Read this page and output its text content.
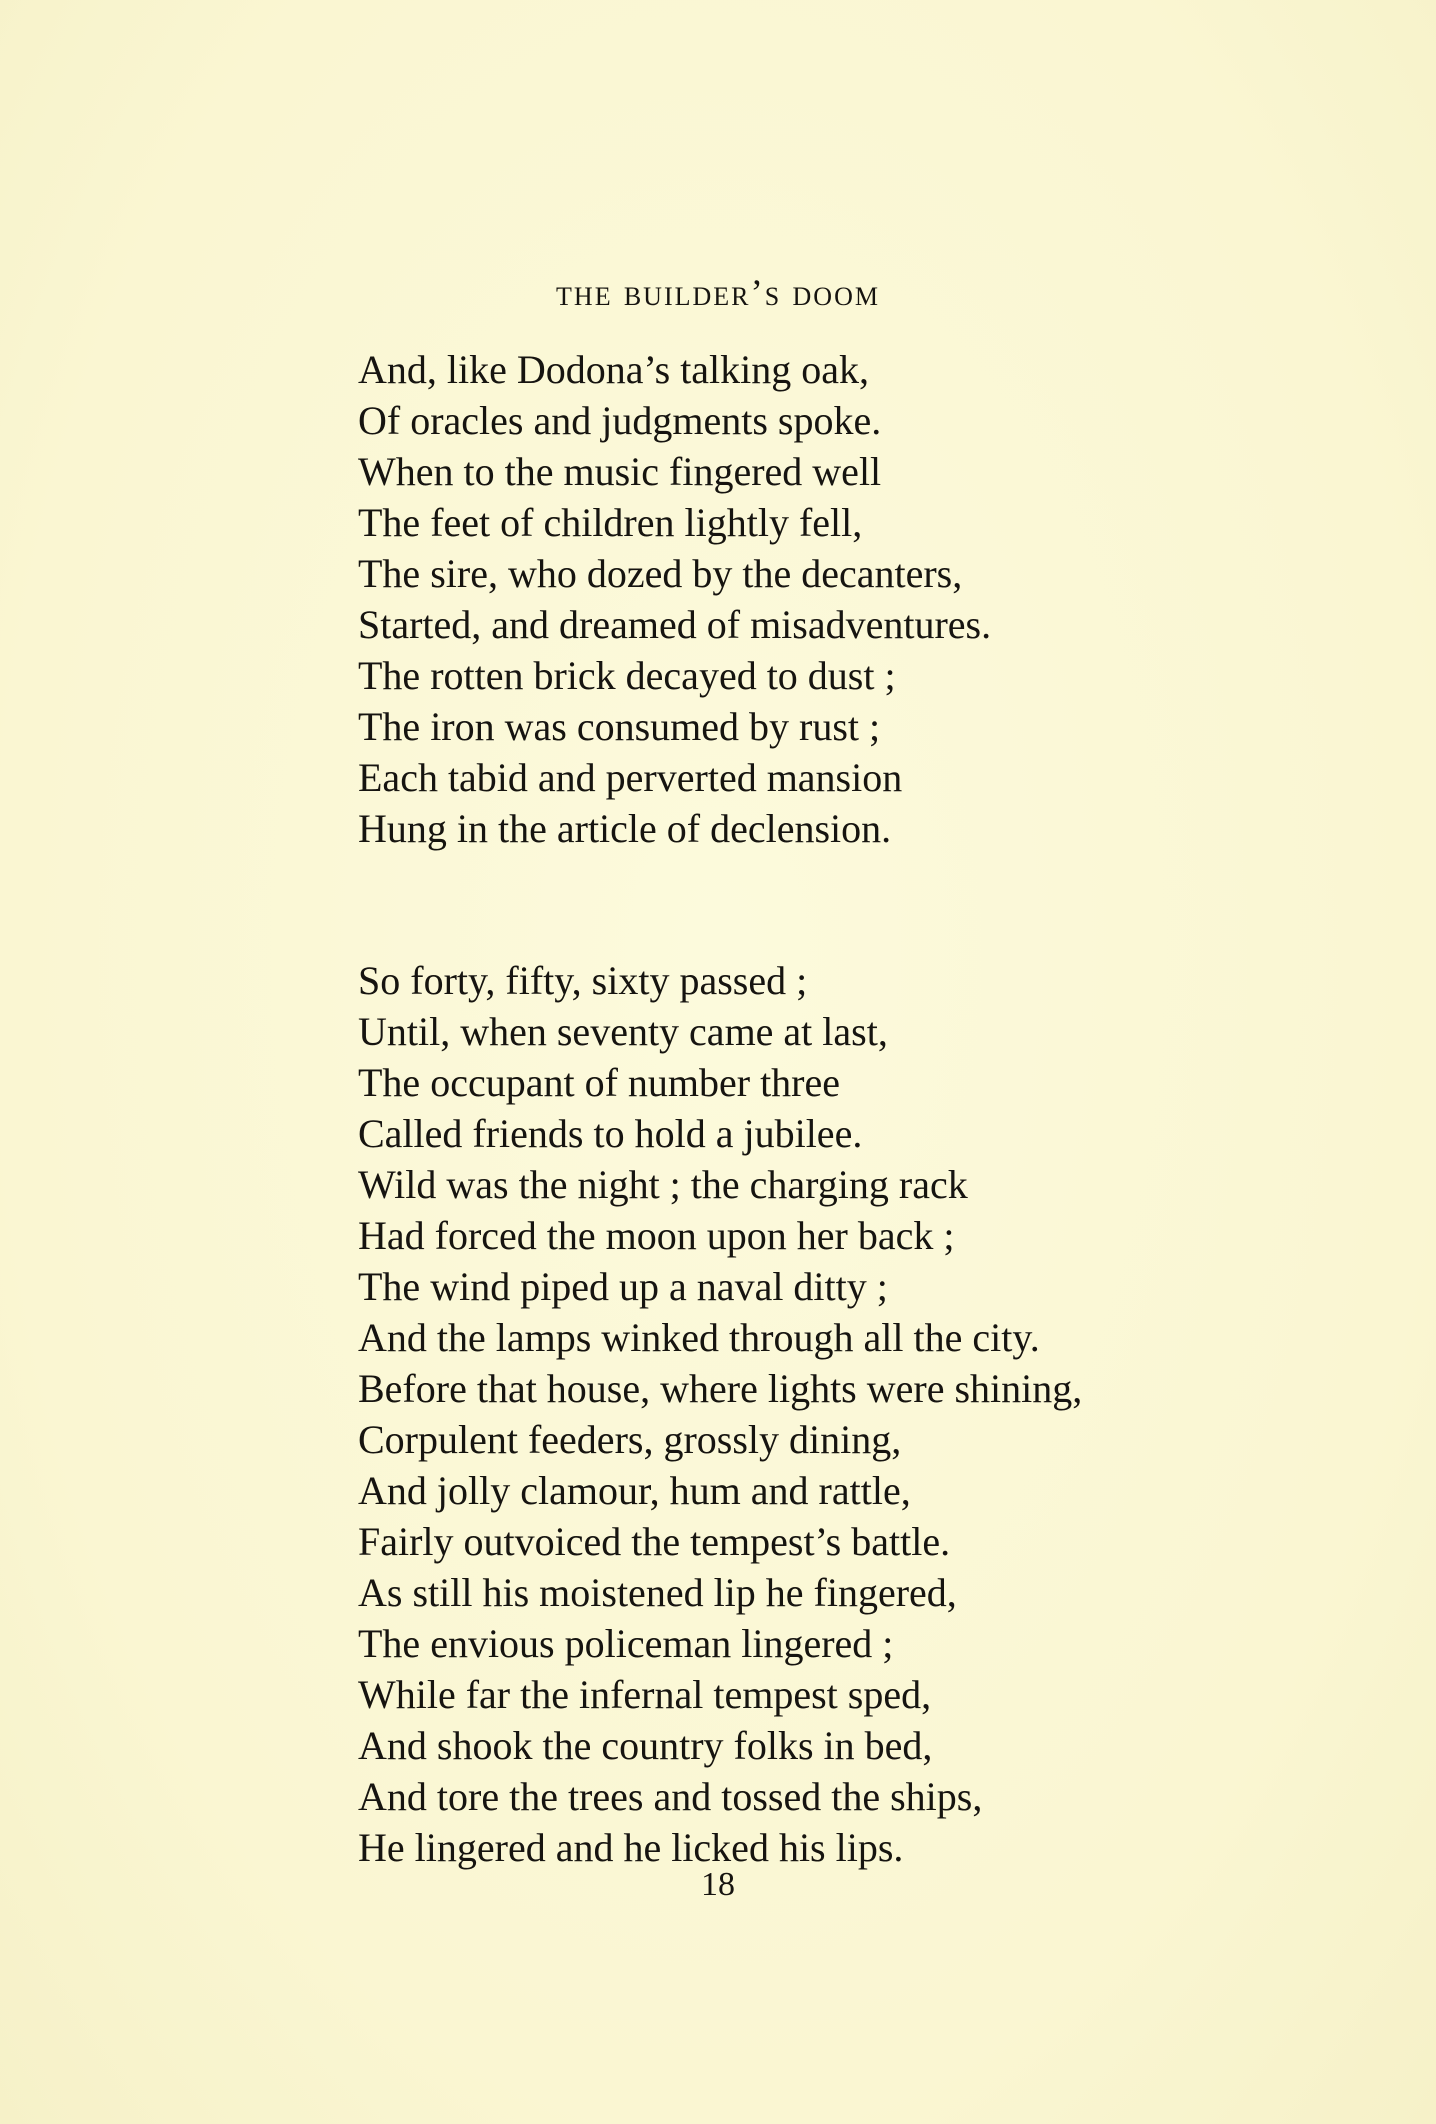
the builder’s doom
And, like Dodona’s talking oak,
Of oracles and judgments spoke.
When to the music fingered well
The feet of children lightly fell,
The sire, who dozed by the decanters,
Started, and dreamed of misadventures.
The rotten brick decayed to dust ;
The iron was consumed by rust ;
Each tabid and perverted mansion
Hung in the article of declension.
So forty, fifty, sixty passed ;
Until, when seventy came at last,
The occupant of number three
Called friends to hold a jubilee.
Wild was the night ; the charging rack
Had forced the moon upon her back ;
The wind piped up a naval ditty ;
And the lamps winked through all the city.
Before that house, where lights were shining,
Corpulent feeders, grossly dining,
And jolly clamour, hum and rattle,
Fairly outvoiced the tempest’s battle.
As still his moistened lip he fingered,
The envious policeman lingered ;
While far the infernal tempest sped,
And shook the country folks in bed,
And tore the trees and tossed the ships,
He lingered and he licked his lips.
18
